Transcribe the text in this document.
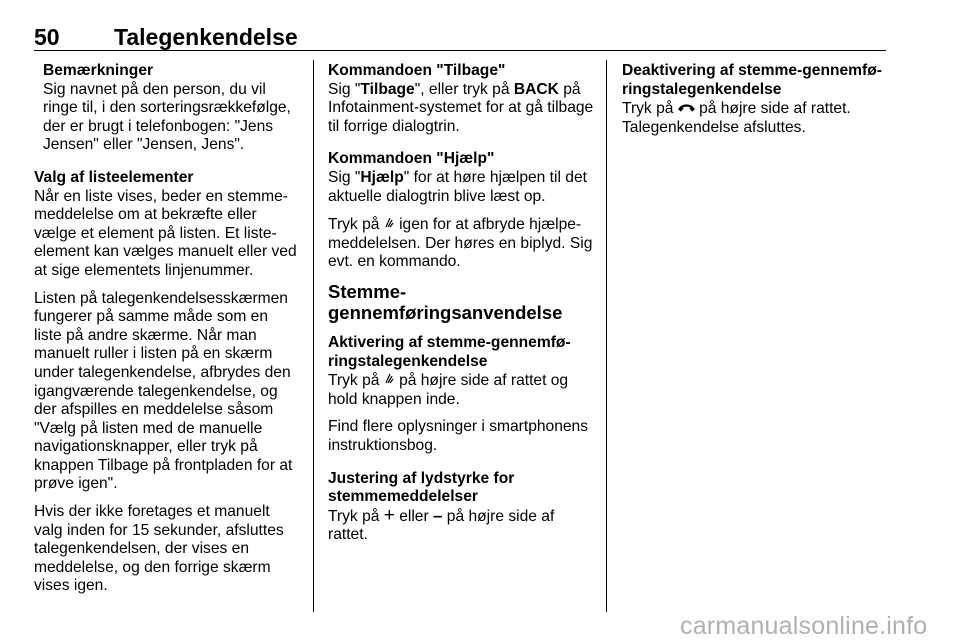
50	Talegenkendelse
Bemærkninger
Sig navnet på den person, du vil ringe til, i den sorteringsrækkefølge, der er brugt i telefonbogen: "Jens Jensen" eller "Jensen, Jens".
Valg af listeelementer

Når en liste vises, beder en stemme-meddelelse om at bekræfte eller vælge et element på listen. Et liste-element kan vælges manuelt eller ved at sige elementets linjenummer.

Listen på talegenkendelsesskærmen fungerer på samme måde som en liste på andre skærme. Når man manuelt ruller i listen på en skærm under talegenkendelse, afbrydes den igangværende talegenkendelse, og der afspilles en meddelelse såsom "Vælg på listen med de manuelle navigationsknapper, eller tryk på knappen Tilbage på frontpladen for at prøve igen".

Hvis der ikke foretages et manuelt valg inden for 15 sekunder, afsluttes talegenkendelsen, der vises en meddelelse, og den forrige skærm vises igen.

Kommandoen "Tilbage"
Sig "Tilbage", eller tryk på BACK på Infotainment-systemet for at gå tilbage til forrige dialogtrin.
Kommandoen "Hjælp"

Sig "Hjælp" for at høre hjælpen til det aktuelle dialogtrin blive læst op.

Tryk på  igen for at afbryde hjælpe-meddelelsen. Der høres en biplyd. Sig evt. en kommando.

Stemme-gennemføringsanvendelse
Aktivering af stemme-gennemfø-ringstalegenkendelse

Tryk på  på højre side af rattet og hold knappen inde.

Find flere oplysninger i smartphonens instruktionsbog.

Justering af lydstyrke for stemmemeddelelser
Tryk på + eller – på højre side af rattet.
Deaktivering af stemme-gennemfø-ringstalegenkendelse
Tryk på  på højre side af rattet. Talegenkendelse afsluttes.
carmanualsonline.info
